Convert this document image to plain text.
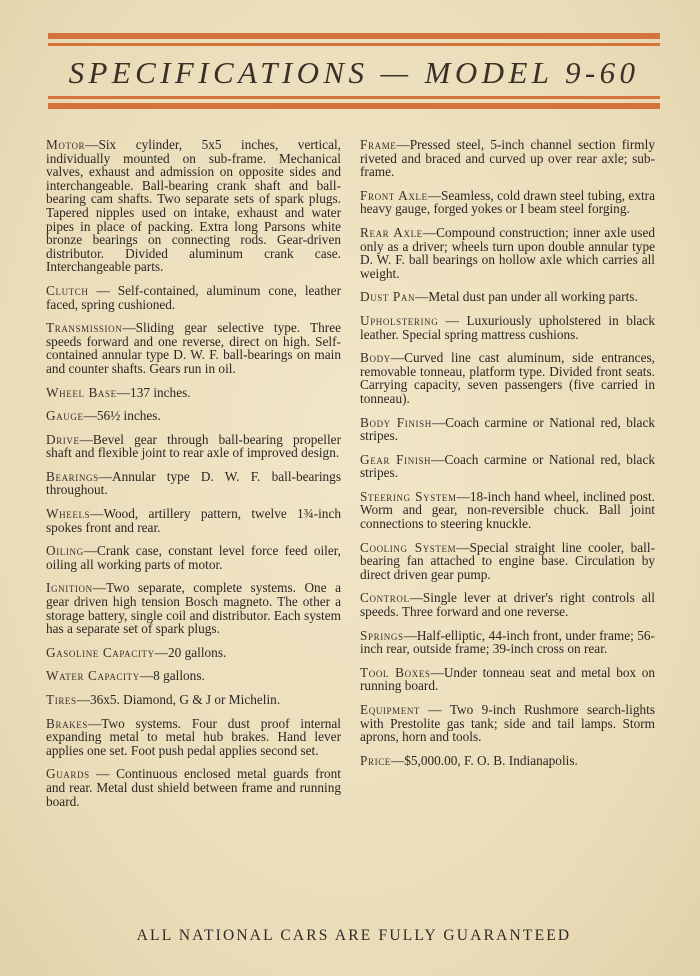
SPECIFICATIONS — MODEL 9-60

Motor—Six cylinder, 5x5 inches, vertical, individually mounted on sub-frame. Mechanical valves, exhaust and admission on opposite sides and interchangeable. Ball-bearing crank shaft and ball-bearing cam shafts. Two separate sets of spark plugs. Tapered nipples used on intake, exhaust and water pipes in place of packing. Extra long Parsons white bronze bearings on connecting rods. Gear-driven distributor. Divided aluminum crank case. Interchangeable parts.

Clutch — Self-contained, aluminum cone, leather faced, spring cushioned.

Transmission—Sliding gear selective type. Three speeds forward and one reverse, direct on high. Self-contained annular type D. W. F. ball-bearings on main and counter shafts. Gears run in oil.

Wheel Base—137 inches.

Gauge—56½ inches.

Drive—Bevel gear through ball-bearing propeller shaft and flexible joint to rear axle of improved design.

Bearings—Annular type D. W. F. ball-bearings throughout.

Wheels—Wood, artillery pattern, twelve 1¾-inch spokes front and rear.

Oiling—Crank case, constant level force feed oiler, oiling all working parts of motor.

Ignition—Two separate, complete systems. One a gear driven high tension Bosch magneto. The other a storage battery, single coil and distributor. Each system has a separate set of spark plugs.

Gasoline Capacity—20 gallons.

Water Capacity—8 gallons.

Tires—36x5. Diamond, G & J or Michelin.

Brakes—Two systems. Four dust proof internal expanding metal to metal hub brakes. Hand lever applies one set. Foot push pedal applies second set.

Guards — Continuous enclosed metal guards front and rear. Metal dust shield between frame and running board.

Frame—Pressed steel, 5-inch channel section firmly riveted and braced and curved up over rear axle; sub-frame.

Front Axle—Seamless, cold drawn steel tubing, extra heavy gauge, forged yokes or I beam steel forging.

Rear Axle—Compound construction; inner axle used only as a driver; wheels turn upon double annular type D. W. F. ball bearings on hollow axle which carries all weight.

Dust Pan—Metal dust pan under all working parts.

Upholstering — Luxuriously upholstered in black leather. Special spring mattress cushions.

Body—Curved line cast aluminum, side entrances, removable tonneau, platform type. Divided front seats. Carrying capacity, seven passengers (five carried in tonneau).

Body Finish—Coach carmine or National red, black stripes.

Gear Finish—Coach carmine or National red, black stripes.

Steering System—18-inch hand wheel, inclined post. Worm and gear, non-reversible chuck. Ball joint connections to steering knuckle.

Cooling System—Special straight line cooler, ball-bearing fan attached to engine base. Circulation by direct driven gear pump.

Control—Single lever at driver's right controls all speeds. Three forward and one reverse.

Springs—Half-elliptic, 44-inch front, under frame; 56-inch rear, outside frame; 39-inch cross on rear.

Tool Boxes—Under tonneau seat and metal box on running board.

Equipment — Two 9-inch Rushmore search-lights with Prestolite gas tank; side and tail lamps. Storm aprons, horn and tools.

Price—$5,000.00, F. O. B. Indianapolis.

ALL NATIONAL CARS ARE FULLY GUARANTEED
